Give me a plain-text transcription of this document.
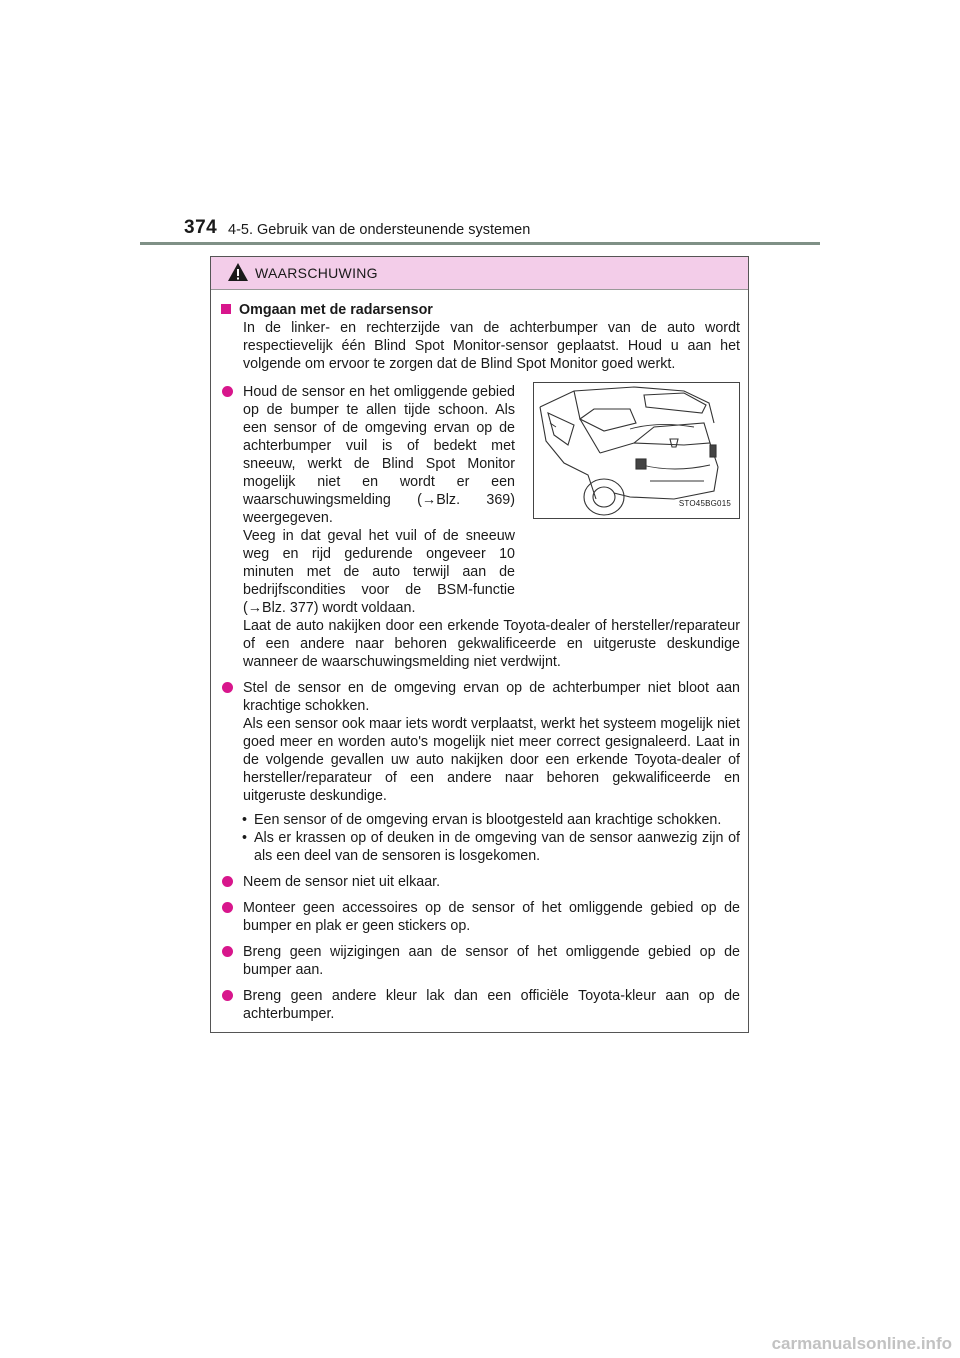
374 4-5. Gebruik van de ondersteunende systemen
WAARSCHUWING
Omgaan met de radarsensor
In de linker- en rechterzijde van de achterbumper van de auto wordt respectievelijk één Blind Spot Monitor-sensor geplaatst. Houd u aan het volgende om ervoor te zorgen dat de Blind Spot Monitor goed werkt.
Houd de sensor en het omliggende gebied op de bumper te allen tijde schoon. Als een sensor of de omgeving ervan op de achterbumper vuil is of bedekt met sneeuw, werkt de Blind Spot Monitor mogelijk niet en wordt er een waarschuwingsmelding (→Blz. 369) weergegeven.
Veeg in dat geval het vuil of de sneeuw weg en rijd gedurende ongeveer 10 minuten met de auto terwijl aan de bedrijfscondities voor de BSM-functie (→Blz. 377) wordt voldaan.
STO45BG015
Laat de auto nakijken door een erkende Toyota-dealer of hersteller/reparateur of een andere naar behoren gekwalificeerde en uitgeruste deskundige wanneer de waarschuwingsmelding niet verdwijnt.
Stel de sensor en de omgeving ervan op de achterbumper niet bloot aan krachtige schokken.
Als een sensor ook maar iets wordt verplaatst, werkt het systeem mogelijk niet goed meer en worden auto's mogelijk niet meer correct gesignaleerd. Laat in de volgende gevallen uw auto nakijken door een erkende Toyota-dealer of hersteller/reparateur of een andere naar behoren gekwalificeerde en uitgeruste deskundige.
• Een sensor of de omgeving ervan is blootgesteld aan krachtige schokken.
• Als er krassen op of deuken in de omgeving van de sensor aanwezig zijn of als een deel van de sensoren is losgekomen.
Neem de sensor niet uit elkaar.
Monteer geen accessoires op de sensor of het omliggende gebied op de bumper en plak er geen stickers op.
Breng geen wijzigingen aan de sensor of het omliggende gebied op de bumper aan.
Breng geen andere kleur lak dan een officiële Toyota-kleur aan op de achterbumper.
carmanualsonline.info
